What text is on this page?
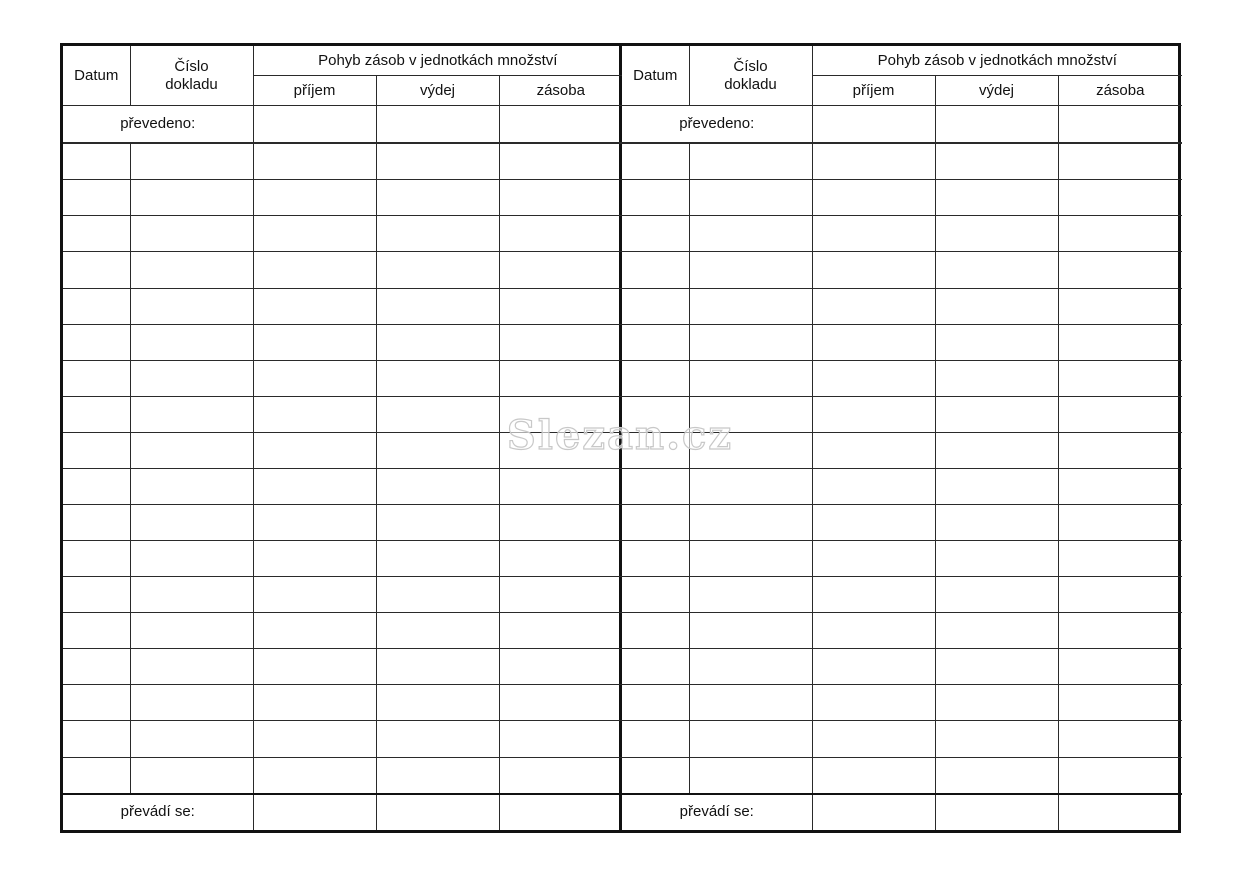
Datum	Číslo dokladu	Pohyb zásob v jednotkách množství		
		příjem	výdej	zásoba
převedeno:				

převádí se:				
Datum	Číslo dokladu	Pohyb zásob v jednotkách množství		
		příjem	výdej	zásoba
převedeno:				

převádí se:				
Slezan.cz
